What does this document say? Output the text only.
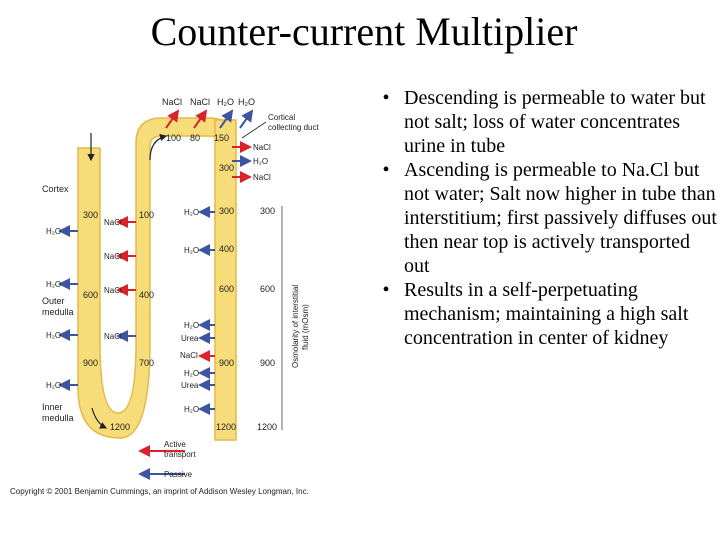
Counter-current Multiplier
Cortex
Outer
medulla
Inner
medulla
NaCl NaCl H₂O H₂O
Cortical
collecting duct
NaCl
H₂O
NaCl
100 80 150
300
600
900
1200
100
400
700
300
300
400
600
900
1200
300
600
900
1200
Osmolarity of interstitial fluid (mOsm)
H₂O
H₂O
H₂O
H₂O
NaCl
NaCl
NaCl
NaCl
H₂O
H₂O
H₂O
Urea
NaCl
H₂O
Urea
H₂O
Active
transport
Passive
Copyright © 2001 Benjamin Cummings, an imprint of Addison Wesley Longman, Inc.
• Descending is permeable to water but not salt; loss of water concentrates urine in tube
• Ascending is permeable to Na.Cl but not water; Salt now higher in tube than interstitium; first passively diffuses out then near top is actively transported out
• Results in a self-perpetuating mechanism; maintaining a high salt concentration in center of kidney
